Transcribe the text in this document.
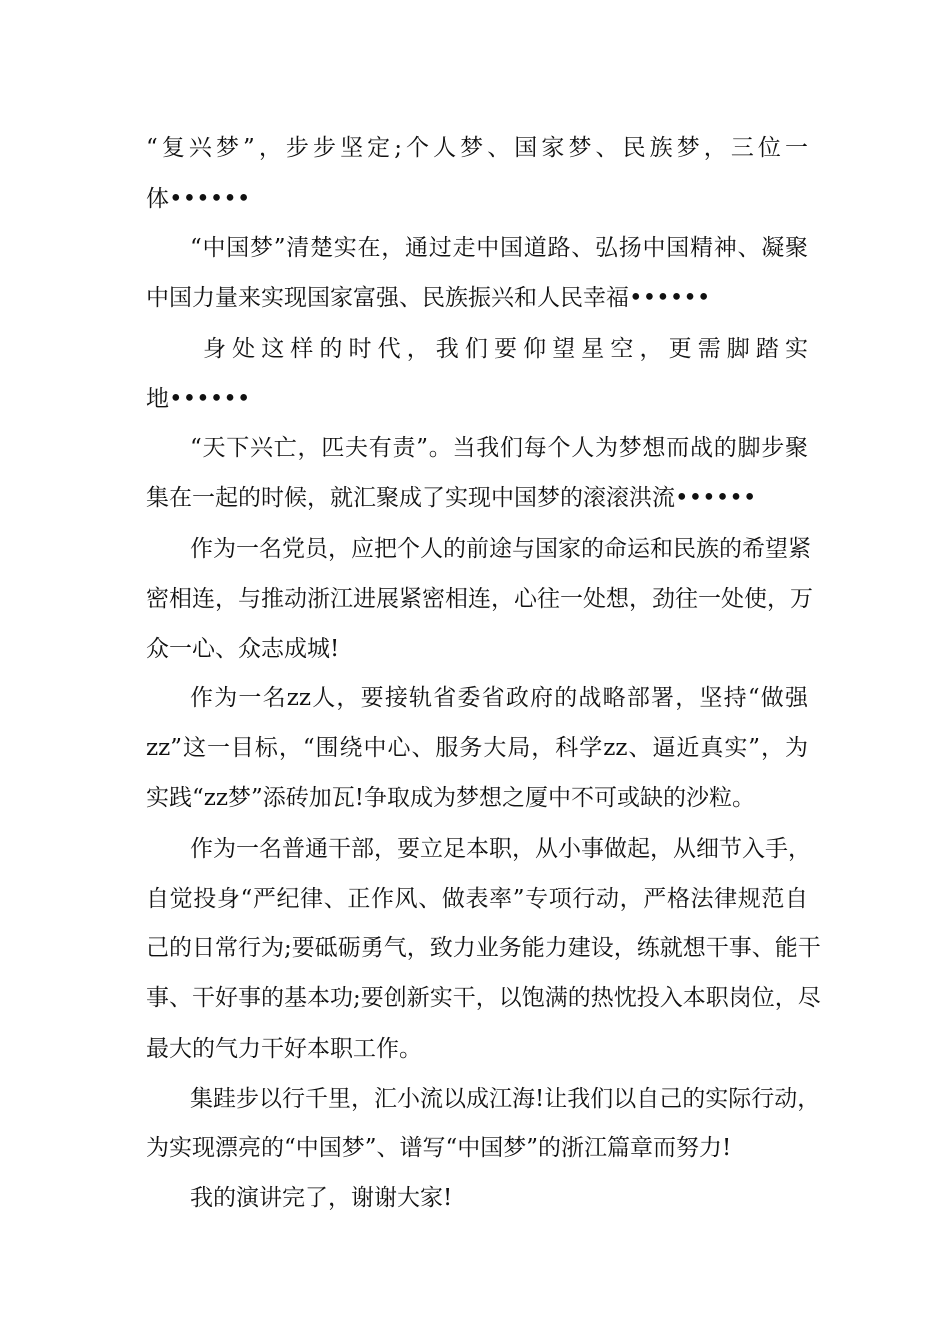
“复兴梦”，步步坚定;个人梦、国家梦、民族梦，三位一
体••••••
“中国梦”清楚实在，通过走中国道路、弘扬中国精神、凝聚
中国力量来实现国家富强、民族振兴和人民幸福••••••
身处这样的时代，我们要仰望星空，更需脚踏实
地••••••
“天下兴亡，匹夫有责”。当我们每个人为梦想而战的脚步聚
集在一起的时候，就汇聚成了实现中国梦的滚滚洪流••••••
作为一名党员，应把个人的前途与国家的命运和民族的希望紧
密相连，与推动浙江进展紧密相连，心往一处想，劲往一处使，万
众一心、众志成城!
作为一名zz人，要接轨省委省政府的战略部署，坚持“做强
zz”这一目标，“围绕中心、服务大局，科学zz、逼近真实”，为
实践“zz梦”添砖加瓦!争取成为梦想之厦中不可或缺的沙粒。
作为一名普通干部，要立足本职，从小事做起，从细节入手，
自觉投身“严纪律、正作风、做表率”专项行动，严格法律规范自
己的日常行为;要砥砺勇气，致力业务能力建设，练就想干事、能干
事、干好事的基本功;要创新实干，以饱满的热忱投入本职岗位，尽
最大的气力干好本职工作。
集跬步以行千里，汇小流以成江海!让我们以自己的实际行动，
为实现漂亮的“中国梦”、谱写“中国梦”的浙江篇章而努力!
我的演讲完了，谢谢大家!
